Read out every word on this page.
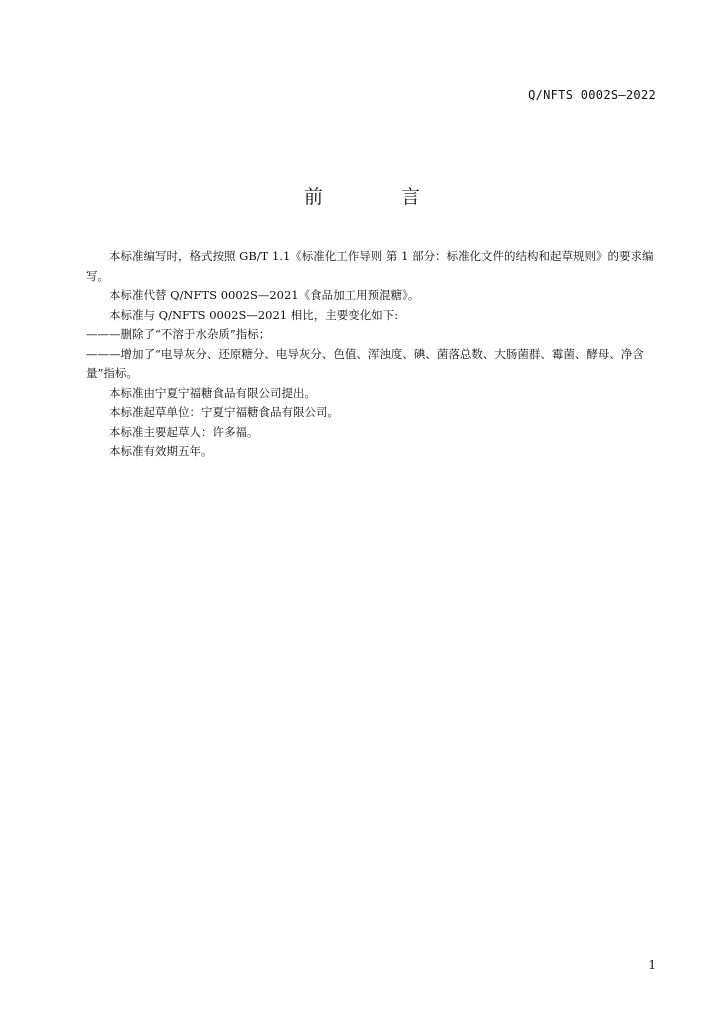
Q/NFTS 0002S—2022
前 言

本标准编写时，格式按照 GB/T 1.1《标准化工作导则 第 1 部分：标准化文件的结构和起草规则》的要求编写。

本标准代替 Q/NFTS 0002S—2021《食品加工用预混糖》。

本标准与 Q/NFTS 0002S—2021 相比，主要变化如下:

———删除了“不溶于水杂质”指标；

———增加了“电导灰分、还原糖分、电导灰分、色值、浑浊度、碘、菌落总数、大肠菌群、霉菌、酵母、净含量”指标。

本标准由宁夏宁福糖食品有限公司提出。

本标准起草单位：宁夏宁福糖食品有限公司。

本标准主要起草人：许多福。

本标准有效期五年。

1
